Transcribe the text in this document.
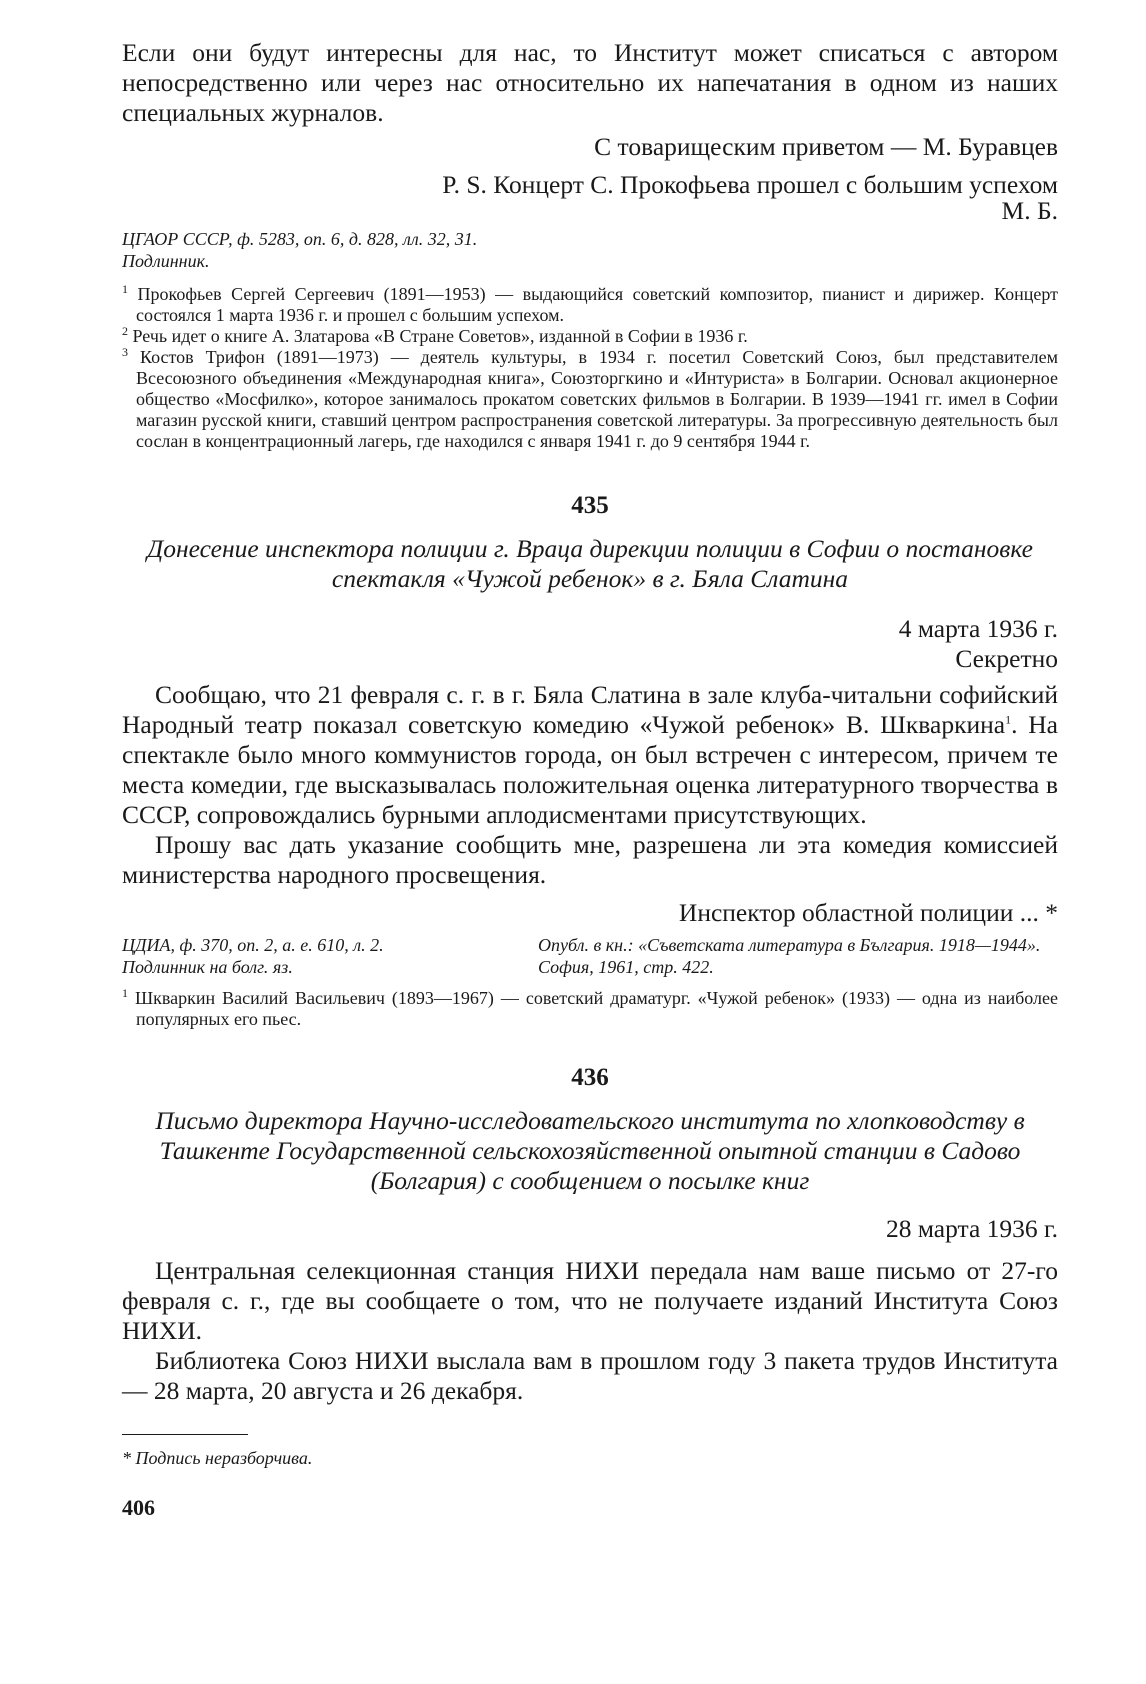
Если они будут интересны для нас, то Институт может списаться с автором непосредственно или через нас относительно их напечатания в одном из наших специальных журналов.

С товарищеским приветом — М. Буравцев

P. S. Концерт С. Прокофьева прошел с большим успехом

М. Б.

ЦГАОР СССР, ф. 5283, оп. 6, д. 828, лл. 32, 31.

Подлинник.

$^1$ Прокофьев Сергей Сергеевич (1891—1953) — выдающийся советский композитор, пианист и дирижер. Концерт состоялся 1 марта 1936 г. и прошел с большим успехом.

$^2$ Речь идет о книге А. Златарова «В Стране Советов», изданной в Софии в 1936 г.

$^3$ Костов Трифон (1891—1973) — деятель культуры, в 1934 г. посетил Советский Союз, был представителем Всесоюзного объединения «Международная книга», Союзторгкино и «Интуриста» в Болгарии. Основал акционерное общество «Мосфилко», которое занималось прокатом советских фильмов в Болгарии. В 1939—1941 гг. имел в Софии магазин русской книги, ставший центром распространения советской литературы. За прогрессивную деятельность был сослан в концентрационный лагерь, где находился с января 1941 г. до 9 сентября 1944 г.

435

Донесение инспектора полиции г. Враца дирекции полиции в Софии о постановке спектакля «Чужой ребенок» в г. Бяла Слатина

4 марта 1936 г.

Секретно

Сообщаю, что 21 февраля с. г. в г. Бяла Слатина в зале клуба-читальни софийский Народный театр показал советскую комедию «Чужой ребенок» В. Шкваркина$^1$. На спектакле было много коммунистов города, он был встречен с интересом, причем те места комедии, где высказывалась положительная оценка литературного творчества в СССР, сопровождались бурными аплодисментами присутствующих.

Прошу вас дать указание сообщить мне, разрешена ли эта комедия комиссией министерства народного просвещения.

Инспектор областной полиции ... *

ЦДИА, ф. 370, оп. 2, а. е. 610, л. 2.

Подлинник на болг. яз.

Опубл. в кн.: «Съветската литература в България. 1918—1944». София, 1961, стр. 422.

$^1$ Шкваркин Василий Васильевич (1893—1967) — советский драматург. «Чужой ребенок» (1933) — одна из наиболее популярных его пьес.

436

Письмо директора Научно-исследовательского института по хлопководству в Ташкенте Государственной сельскохозяйственной опытной станции в Садово (Болгария) с сообщением о посылке книг

28 марта 1936 г.

Центральная селекционная станция НИХИ передала нам ваше письмо от 27-го февраля с. г., где вы сообщаете о том, что не получаете изданий Института Союз НИХИ.

Библиотека Союз НИХИ выслала вам в прошлом году 3 пакета трудов Института — 28 марта, 20 августа и 26 декабря.

* Подпись неразборчива.

406
